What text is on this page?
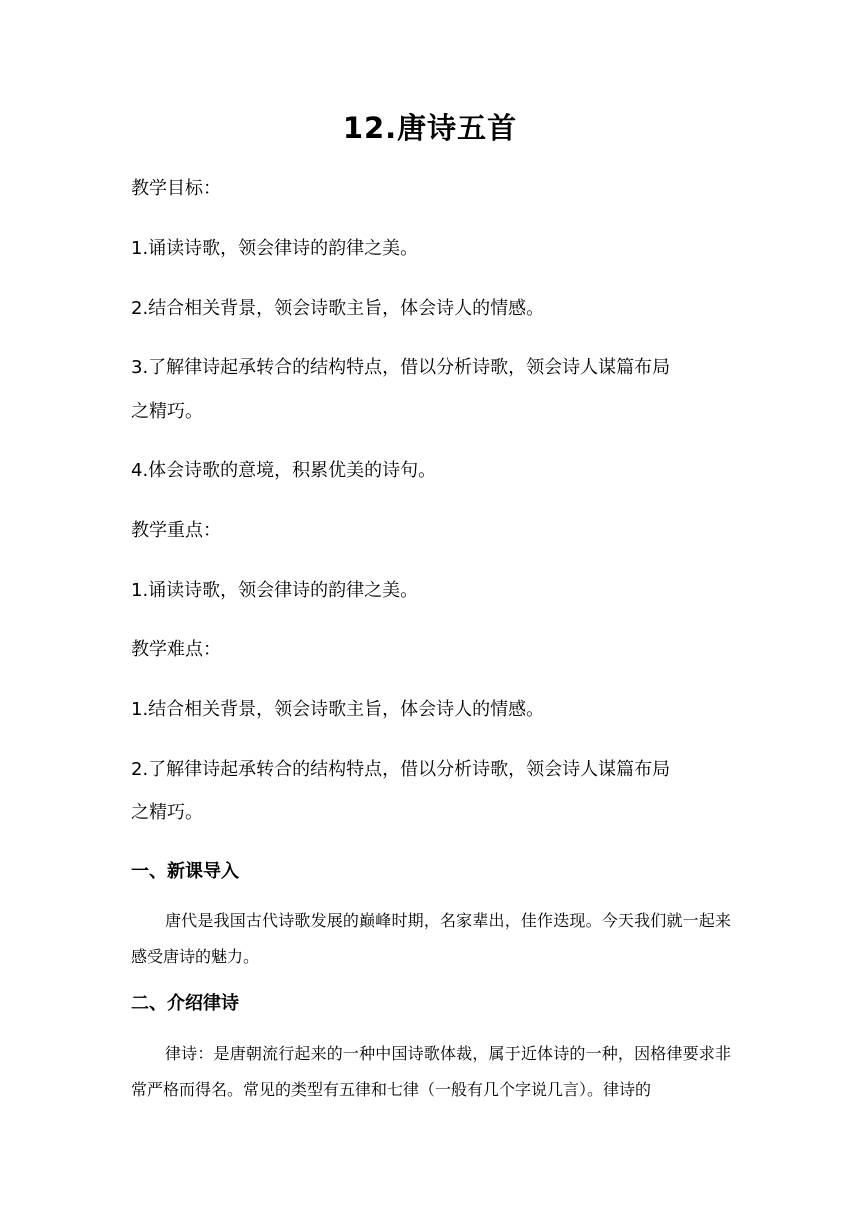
12.唐诗五首

教学目标：

1.诵读诗歌，领会律诗的韵律之美。

2.结合相关背景，领会诗歌主旨，体会诗人的情感。

3.了解律诗起承转合的结构特点，借以分析诗歌，领会诗人谋篇布局

之精巧。

4.体会诗歌的意境，积累优美的诗句。

教学重点：

1.诵读诗歌，领会律诗的韵律之美。

教学难点：

1.结合相关背景，领会诗歌主旨，体会诗人的情感。

2.了解律诗起承转合的结构特点，借以分析诗歌，领会诗人谋篇布局

之精巧。

一、新课导入

唐代是我国古代诗歌发展的巅峰时期，名家辈出，佳作迭现。今天我们就一起来感受唐诗的魅力。

二、介绍律诗

律诗：是唐朝流行起来的一种中国诗歌体裁，属于近体诗的一种，因格律要求非常严格而得名。常见的类型有五律和七律（一般有几个字说几言）。律诗的
